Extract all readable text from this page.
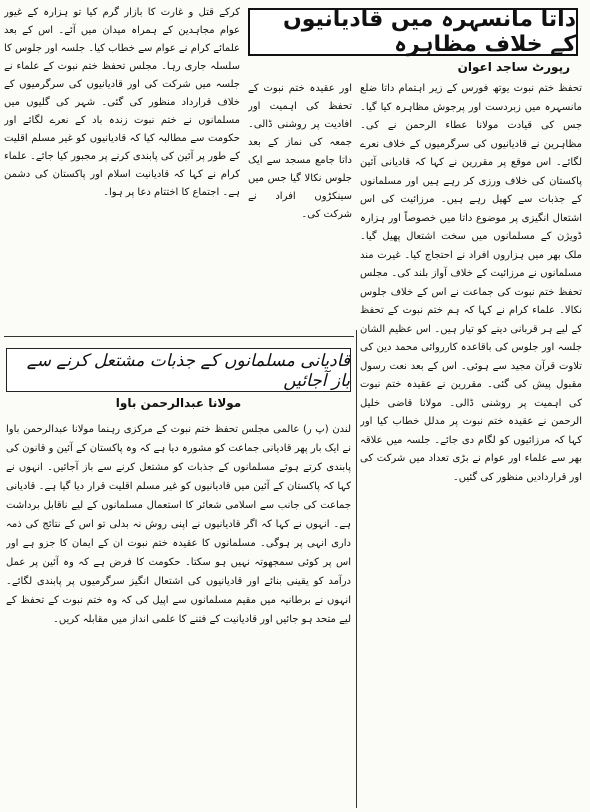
داتا مانسہرہ میں قادیانیوں کے خلاف مظاہرہ
رپورٹ ساجد اعوان

کرکے قتل و غارت کا بازار گرم کیا تو ہزارہ کے غیور عوام مجاہدین کے ہمراہ میدان میں آئے۔ اس کے بعد علمائے کرام نے عوام سے خطاب کیا۔ جلسہ اور جلوس کا سلسلہ جاری رہا۔ مجلس تحفظ ختم نبوت کے علماء نے جلسہ میں شرکت کی اور قادیانیوں کی سرگرمیوں کے خلاف قرارداد منظور کی گئی۔ شہر کی گلیوں میں مسلمانوں نے ختم نبوت زندہ باد کے نعرے لگائے اور حکومت سے مطالبہ کیا کہ قادیانیوں کو غیر مسلم اقلیت کے طور پر آئین کی پابندی کرنے پر مجبور کیا جائے۔ علماء کرام نے کہا کہ قادیانیت اسلام اور پاکستان کی دشمن ہے۔ اجتماع کا اختتام دعا پر ہوا۔

اور عقیدہ ختم نبوت کے تحفظ کی اہمیت اور افادیت پر روشنی ڈالی۔ جمعہ کی نماز کے بعد داتا جامع مسجد سے ایک جلوس نکالا گیا جس میں سینکڑوں افراد نے شرکت کی۔

تحفظ ختم نبوت یوتھ فورس کے زیر اہتمام داتا ضلع مانسہرہ میں زبردست اور پرجوش مظاہرہ کیا گیا۔ جس کی قیادت مولانا عطاء الرحمن نے کی۔ مظاہرین نے قادیانیوں کی سرگرمیوں کے خلاف نعرے لگائے۔ اس موقع پر مقررین نے کہا کہ قادیانی آئین پاکستان کی خلاف ورزی کر رہے ہیں اور مسلمانوں کے جذبات سے کھیل رہے ہیں۔ مرزائیت کی اس اشتعال انگیزی پر موضوع داتا میں خصوصاً اور ہزارہ ڈویژن کے مسلمانوں میں سخت اشتعال پھیل گیا۔ ملک بھر میں ہزاروں افراد نے احتجاج کیا۔ غیرت مند مسلمانوں نے مرزائیت کے خلاف آواز بلند کی۔ مجلس تحفظ ختم نبوت کی جماعت نے اس کے خلاف جلوس نکالا۔ علماء کرام نے کہا کہ ہم ختم نبوت کے تحفظ کے لیے ہر قربانی دینے کو تیار ہیں۔ اس عظیم الشان جلسہ اور جلوس کی باقاعدہ کارروائی محمد دین کی تلاوت قرآن مجید سے ہوئی۔ اس کے بعد نعت رسول مقبول پیش کی گئی۔ مقررین نے عقیدہ ختم نبوت کی اہمیت پر روشنی ڈالی۔ مولانا قاضی خلیل الرحمن نے عقیدہ ختم نبوت پر مدلل خطاب کیا اور کہا کہ مرزائیوں کو لگام دی جائے۔ جلسہ میں علاقہ بھر سے علماء اور عوام نے بڑی تعداد میں شرکت کی اور قراردادیں منظور کی گئیں۔

قادیانی مسلمانوں کے جذبات مشتعل کرنے سے باز آجائیں
مولانا عبدالرحمن باوا

لندن (پ ر) عالمی مجلس تحفظ ختم نبوت کے مرکزی رہنما مولانا عبدالرحمن باوا نے ایک بار پھر قادیانی جماعت کو مشورہ دیا ہے کہ وہ پاکستان کے آئین و قانون کی پابندی کرتے ہوئے مسلمانوں کے جذبات کو مشتعل کرنے سے باز آجائیں۔ انہوں نے کہا کہ پاکستان کے آئین میں قادیانیوں کو غیر مسلم اقلیت قرار دیا گیا ہے۔ قادیانی جماعت کی جانب سے اسلامی شعائر کا استعمال مسلمانوں کے لیے ناقابل برداشت ہے۔ انہوں نے کہا کہ اگر قادیانیوں نے اپنی روش نہ بدلی تو اس کے نتائج کی ذمہ داری انہی پر ہوگی۔ مسلمانوں کا عقیدہ ختم نبوت ان کے ایمان کا جزو ہے اور اس پر کوئی سمجھوتہ نہیں ہو سکتا۔ حکومت کا فرض ہے کہ وہ آئین پر عمل درآمد کو یقینی بنائے اور قادیانیوں کی اشتعال انگیز سرگرمیوں پر پابندی لگائے۔ انہوں نے برطانیہ میں مقیم مسلمانوں سے اپیل کی کہ وہ ختم نبوت کے تحفظ کے لیے متحد ہو جائیں اور قادیانیت کے فتنے کا علمی انداز میں مقابلہ کریں۔
